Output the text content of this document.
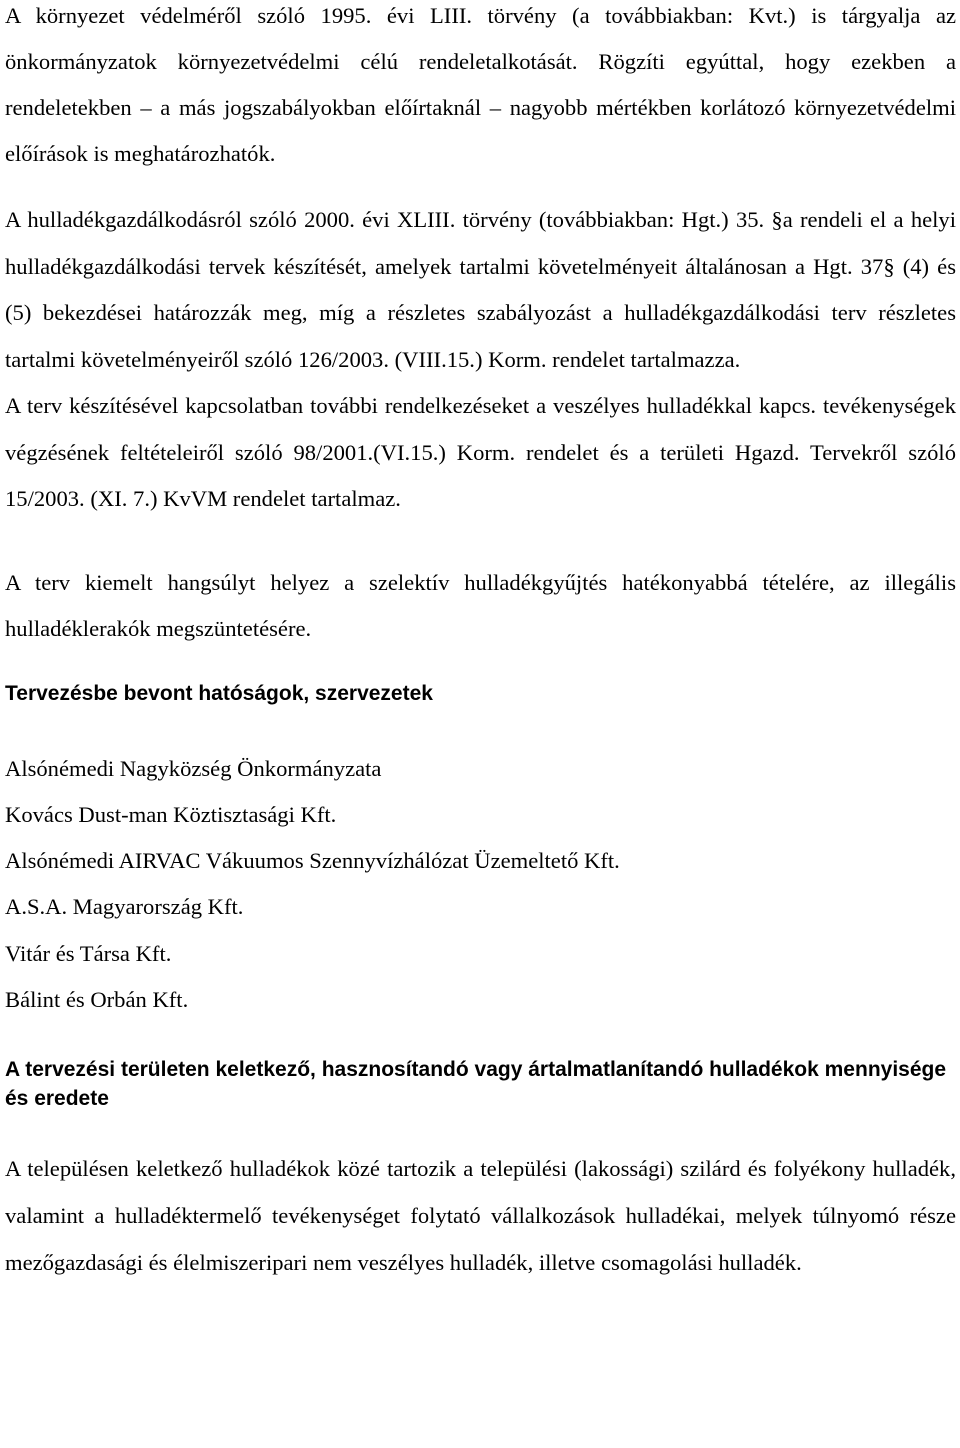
A környezet védelméről szóló 1995. évi LIII. törvény (a továbbiakban: Kvt.) is tárgyalja az önkormányzatok környezetvédelmi célú rendeletalkotását. Rögzíti egyúttal, hogy ezekben a rendeletekben – a más jogszabályokban előírtaknál – nagyobb mértékben korlátozó környezetvédelmi előírások is meghatározhatók.

A hulladékgazdálkodásról szóló 2000. évi XLIII. törvény (továbbiakban: Hgt.) 35. §a rendeli el a helyi hulladékgazdálkodási tervek készítését, amelyek tartalmi követelményeit általánosan a Hgt. 37§ (4) és (5) bekezdései határozzák meg, míg a részletes szabályozást a hulladékgazdálkodási terv részletes tartalmi követelményeiről szóló 126/2003. (VIII.15.) Korm. rendelet tartalmazza.

A terv készítésével kapcsolatban további rendelkezéseket a veszélyes hulladékkal kapcs. tevékenységek végzésének feltételeiről szóló 98/2001.(VI.15.) Korm. rendelet és a területi Hgazd. Tervekről szóló 15/2003. (XI. 7.) KvVM rendelet tartalmaz.

A terv kiemelt hangsúlyt helyez a szelektív hulladékgyűjtés hatékonyabbá tételére, az illegális hulladéklerakók megszüntetésére.

Tervezésbe bevont hatóságok, szervezetek
Alsónémedi Nagyközség Önkormányzata
Kovács Dust-man Köztisztasági Kft.
Alsónémedi AIRVAC Vákuumos Szennyvízhálózat Üzemeltető Kft.
A.S.A. Magyarország Kft.
Vitár és Társa Kft.
Bálint és Orbán Kft.
A tervezési területen keletkező, hasznosítandó vagy ártalmatlanítandó hulladékok mennyisége és eredete

A településen keletkező hulladékok közé tartozik a települési (lakossági) szilárd és folyékony hulladék, valamint a hulladéktermelő tevékenységet folytató vállalkozások hulladékai, melyek túlnyomó része mezőgazdasági és élelmiszeripari nem veszélyes hulladék, illetve csomagolási hulladék.
